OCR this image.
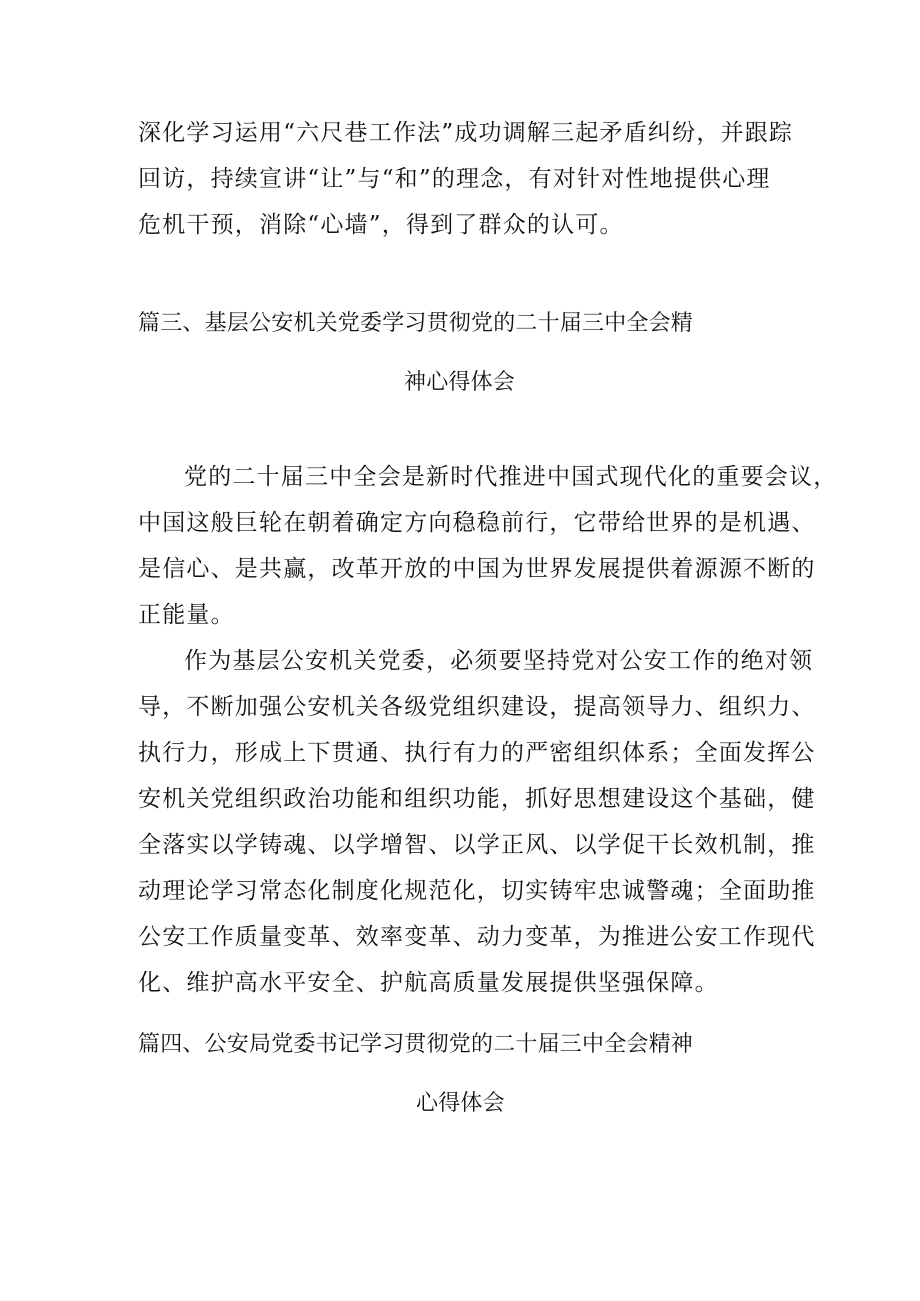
深化学习运用“六尺巷工作法”成功调解三起矛盾纠纷，并跟踪
回访，持续宣讲“让”与“和”的理念，有对针对性地提供心理
危机干预，消除“心墙”，得到了群众的认可。
篇三、基层公安机关党委学习贯彻党的二十届三中全会精
神心得体会
党的二十届三中全会是新时代推进中国式现代化的重要会议，
中国这般巨轮在朝着确定方向稳稳前行，它带给世界的是机遇、
是信心、是共赢，改革开放的中国为世界发展提供着源源不断的
正能量。
作为基层公安机关党委，必须要坚持党对公安工作的绝对领
导，不断加强公安机关各级党组织建设，提高领导力、组织力、
执行力，形成上下贯通、执行有力的严密组织体系；全面发挥公
安机关党组织政治功能和组织功能，抓好思想建设这个基础，健
全落实以学铸魂、以学增智、以学正风、以学促干长效机制，推
动理论学习常态化制度化规范化，切实铸牢忠诚警魂；全面助推
公安工作质量变革、效率变革、动力变革，为推进公安工作现代
化、维护高水平安全、护航高质量发展提供坚强保障。
篇四、公安局党委书记学习贯彻党的二十届三中全会精神
心得体会
